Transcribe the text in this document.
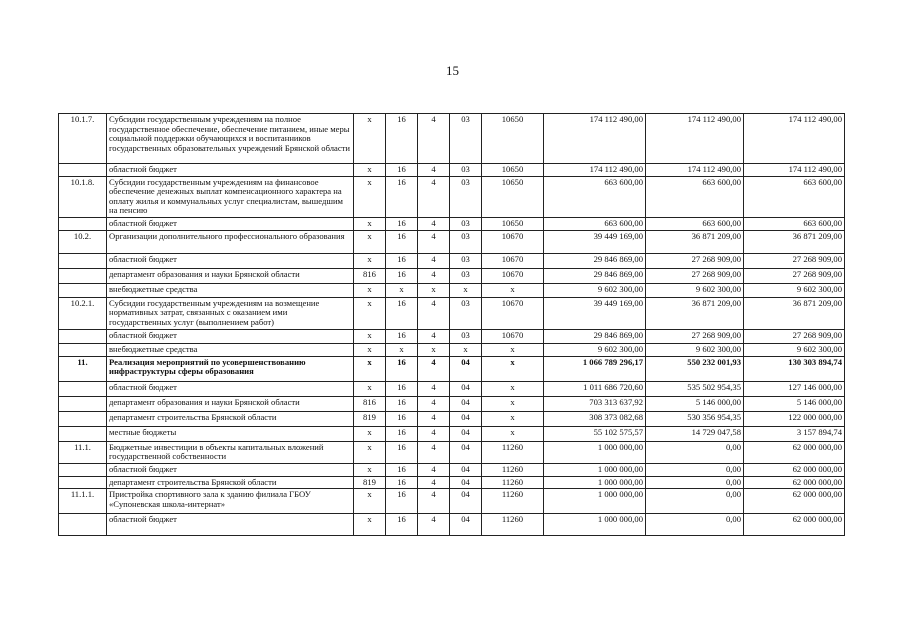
15
10.1.7.	Субсидии государственным учреждениям на полное государственное обеспечение, обеспечение питанием, иные меры социальной поддержки обучающихся и воспитанников государственных образовательных учреждений Брянской области	х	16	4	03	10650	174 112 490,00	174 112 490,00	174 112 490,00
	областной бюджет	х	16	4	03	10650	174 112 490,00	174 112 490,00	174 112 490,00
10.1.8.	Субсидии государственным учреждениям на финансовое обеспечение денежных выплат компенсационного характера на оплату жилья и коммунальных услуг специалистам, вышедшим на пенсию	х	16	4	03	10650	663 600,00	663 600,00	663 600,00
	областной бюджет	х	16	4	03	10650	663 600,00	663 600,00	663 600,00
10.2.	Организации дополнительного профессионального образования	х	16	4	03	10670	39 449 169,00	36 871 209,00	36 871 209,00
	областной бюджет	х	16	4	03	10670	29 846 869,00	27 268 909,00	27 268 909,00
	департамент образования и науки Брянской области	816	16	4	03	10670	29 846 869,00	27 268 909,00	27 268 909,00
	внебюджетные средства	х	х	х	х	х	9 602 300,00	9 602 300,00	9 602 300,00
10.2.1.	Субсидии государственным учреждениям на возмещение нормативных затрат, связанных с оказанием ими государственных услуг (выполнением работ)	х	16	4	03	10670	39 449 169,00	36 871 209,00	36 871 209,00
	областной бюджет	х	16	4	03	10670	29 846 869,00	27 268 909,00	27 268 909,00
	внебюджетные средства	х	х	х	х	х	9 602 300,00	9 602 300,00	9 602 300,00
11.	Реализация мероприятий по усовершенствованию инфраструктуры сферы образования	х	16	4	04	х	1 066 789 296,17	550 232 001,93	130 303 894,74
	областной бюджет	х	16	4	04	х	1 011 686 720,60	535 502 954,35	127 146 000,00
	департамент образования и науки Брянской области	816	16	4	04	х	703 313 637,92	5 146 000,00	5 146 000,00
	департамент строительства Брянской области	819	16	4	04	х	308 373 082,68	530 356 954,35	122 000 000,00
	местные бюджеты	х	16	4	04	х	55 102 575,57	14 729 047,58	3 157 894,74
11.1.	Бюджетные инвестиции в объекты капитальных вложений государственной собственности	х	16	4	04	11260	1 000 000,00	0,00	62 000 000,00
	областной бюджет	х	16	4	04	11260	1 000 000,00	0,00	62 000 000,00
	департамент строительства Брянской области	819	16	4	04	11260	1 000 000,00	0,00	62 000 000,00
11.1.1.	Пристройка спортивного зала к зданию филиала ГБОУ «Супоневская школа-интернат»	х	16	4	04	11260	1 000 000,00	0,00	62 000 000,00
	областной бюджет	х	16	4	04	11260	1 000 000,00	0,00	62 000 000,00
